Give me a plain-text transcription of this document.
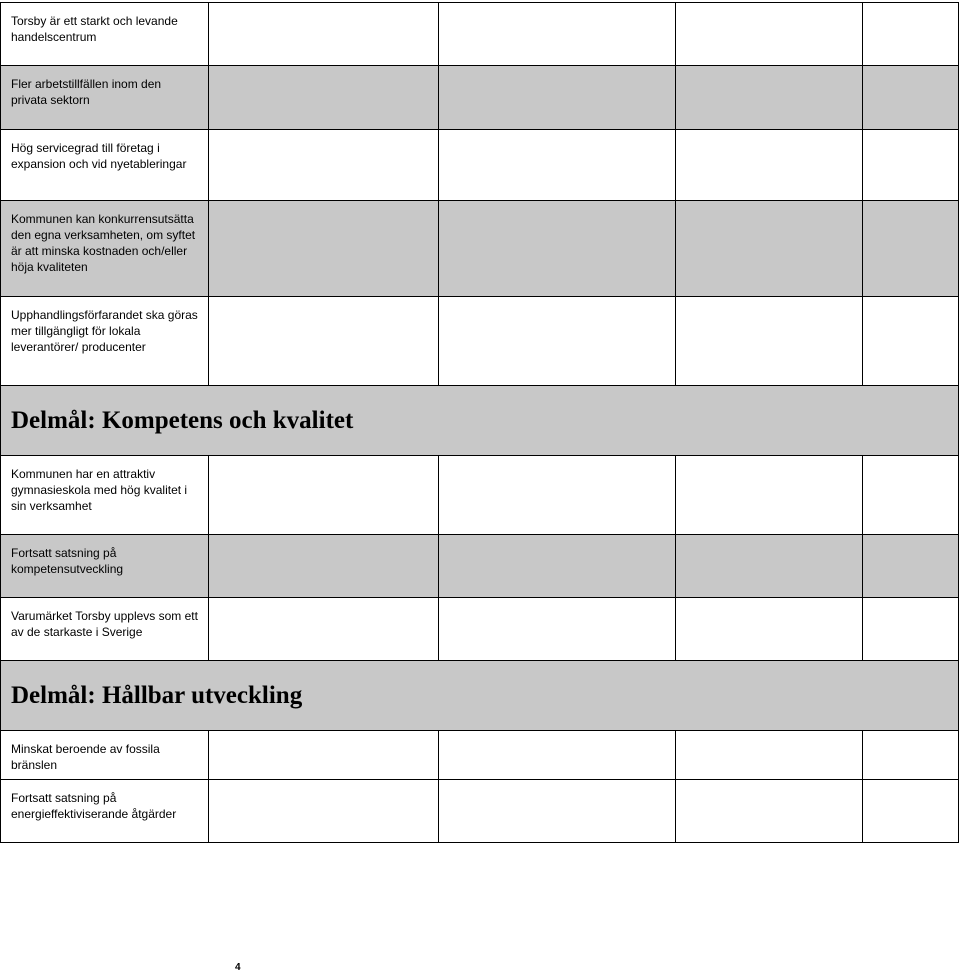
Torsby är ett starkt och levande handelscentrum				
Fler arbetstillfällen inom den privata sektorn				
Hög servicegrad till företag i expansion och vid nyetableringar				
Kommunen kan konkurrensutsätta den egna verksamheten, om syftet är att minska kostnaden och/eller höja kvaliteten				
Upphandlingsförfarandet ska göras mer tillgängligt för lokala leverantörer/ producenter				

Delmål: Kompetens och kvalitet				

Kommunen har en attraktiv gymnasieskola med hög kvalitet i sin verksamhet				
Fortsatt satsning på kompetensutveckling				
Varumärket Torsby upplevs som ett av de starkaste i Sverige				

Delmål: Hållbar utveckling				

Minskat beroende av fossila bränslen				
Fortsatt satsning på energieffektiviserande åtgärder				
4
